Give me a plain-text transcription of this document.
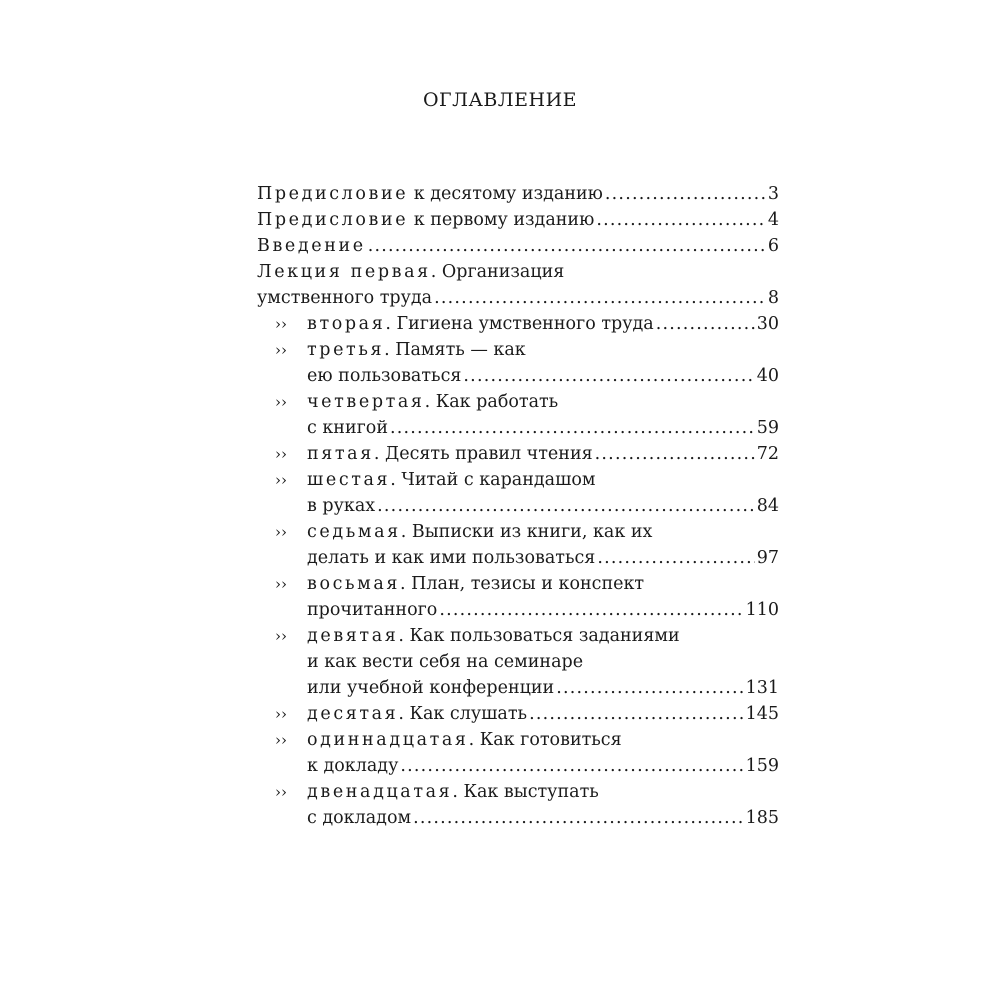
ОГЛАВЛЕНИЕ
Предисловие к десятому изданию .....	3
Предисловие к первому изданию .....	4
Введение .....	6
Лекция первая. Организация
умственного труда .....	8
›› вторая. Гигиена умственного труда .....	30
›› третья. Память — как
ею пользоваться .....	40
›› четвертая. Как работать
с книгой .....	59
›› пятая. Десять правил чтения .....	72
›› шестая. Читай с карандашом
в руках .....	84
›› седьмая. Выписки из книги, как их
делать и как ими пользоваться .....	97
›› восьмая. План, тезисы и конспект
прочитанного .....	110
›› девятая. Как пользоваться заданиями
и как вести себя на семинаре
или учебной конференции .....	131
›› десятая. Как слушать .....	145
›› одиннадцатая. Как готовиться
к докладу .....	159
›› двенадцатая. Как выступать
с докладом .....	185
